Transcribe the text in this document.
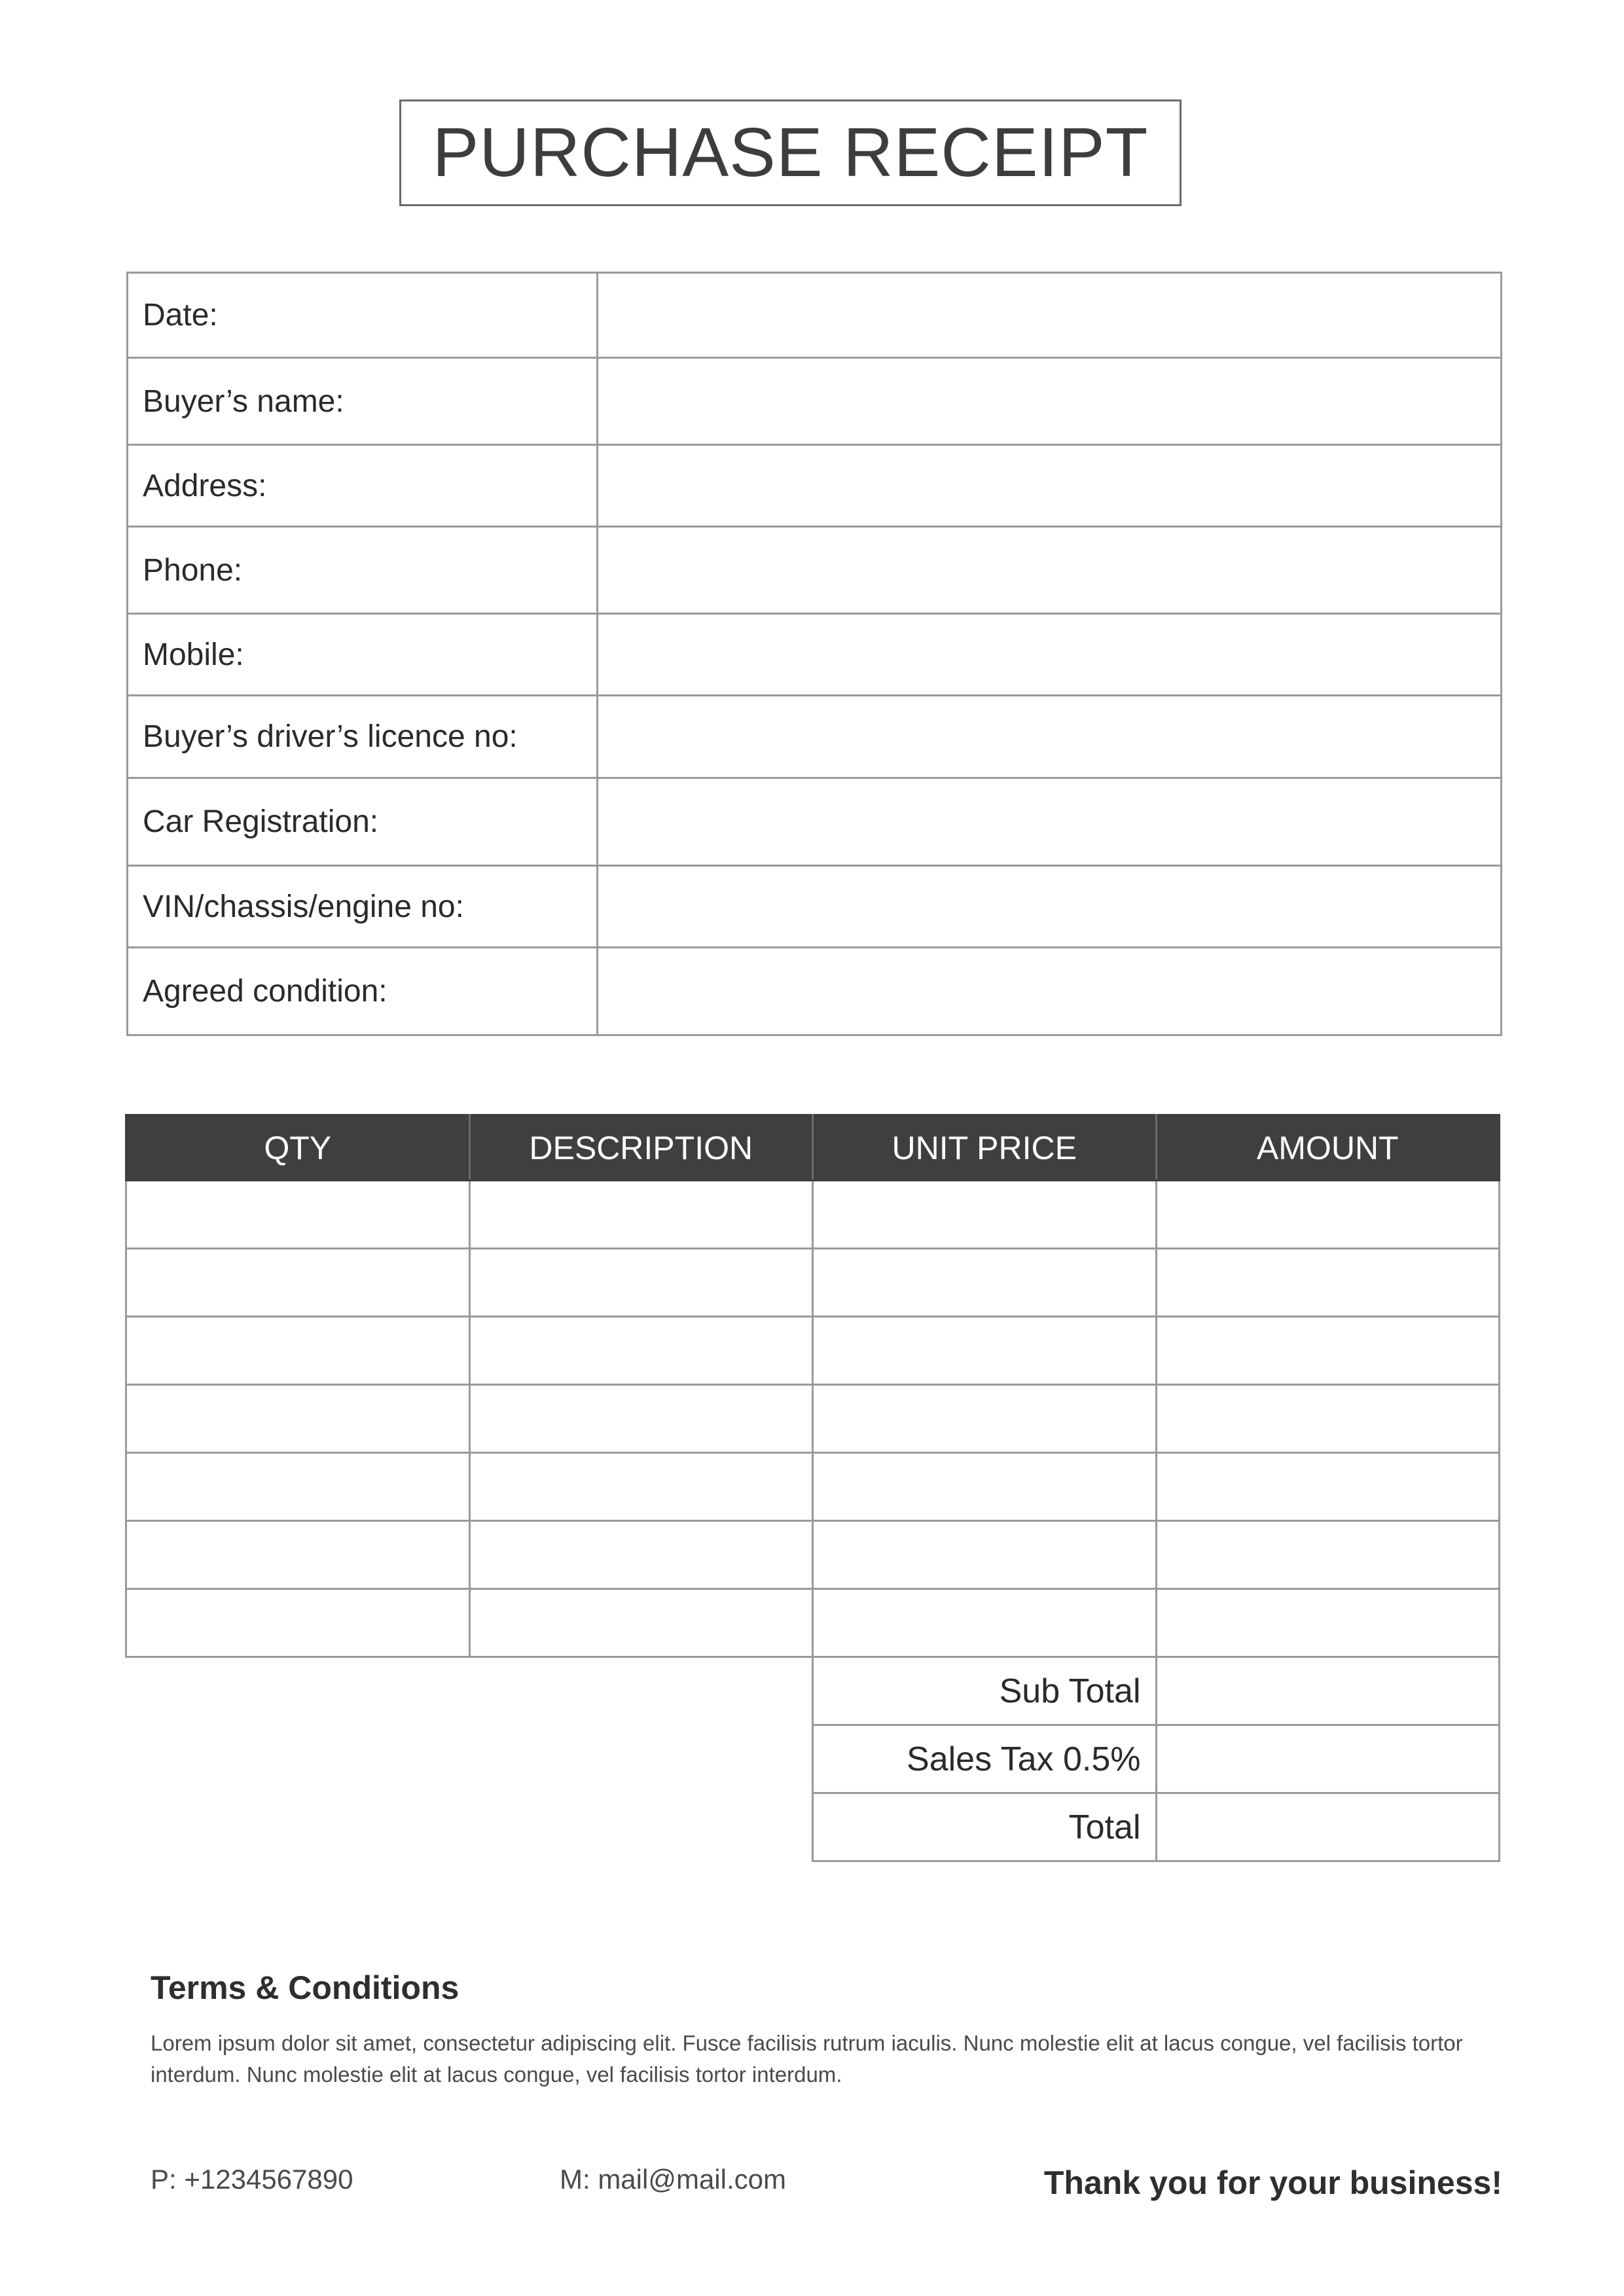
PURCHASE RECEIPT
Date:	
Buyer’s name:	
Address:	
Phone:	
Mobile:	
Buyer’s driver’s licence no:	
Car Registration:	
VIN/chassis/engine no:	
Agreed condition:	
QTY	DESCRIPTION	UNIT PRICE	AMOUNT

		Sub Total	
		Sales Tax 0.5%	
		Total	
Terms & Conditions
Lorem ipsum dolor sit amet, consectetur adipiscing elit. Fusce facilisis rutrum iaculis. Nunc molestie elit at lacus congue, vel facilisis tortor interdum. Nunc molestie elit at lacus congue, vel facilisis tortor interdum.
P: +1234567890	M: mail@mail.com	Thank you for your business!
